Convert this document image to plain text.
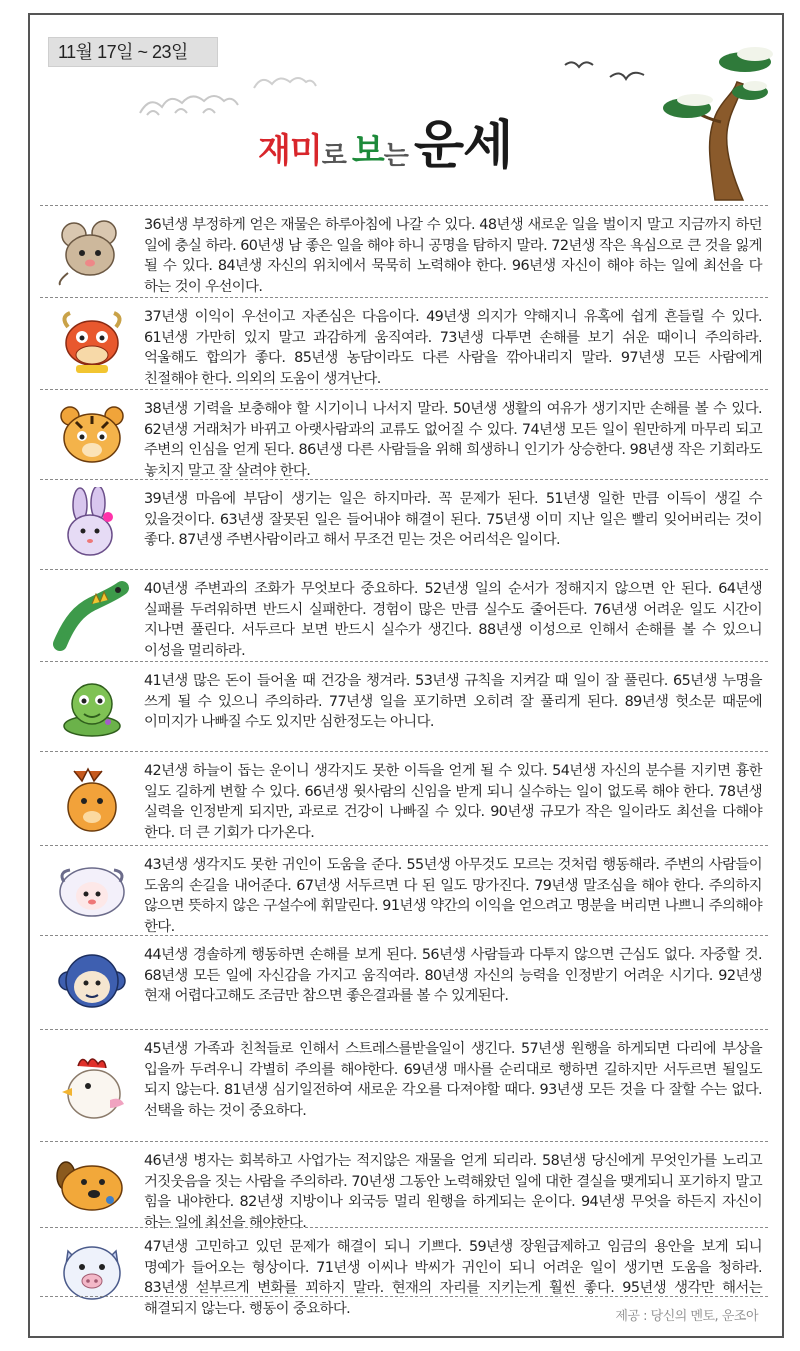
11월 17일 ~ 23일
재미 로 보 는 운세
36년생 부정하게 얻은 재물은 하루아침에 나갈 수 있다. 48년생 새로운 일을 벌이지 말고 지금까지 하던 일에 충실 하라. 60년생 남 좋은 일을 해야 하니 공명을 탐하지 말라. 72년생 작은 욕심으로 큰 것을 잃게 될 수 있다. 84년생 자신의 위치에서 묵묵히 노력해야 한다. 96년생 자신이 해야 하는 일에 최선을 다 하는 것이 우선이다.
37년생 이익이 우선이고 자존심은 다음이다. 49년생 의지가 약해지니 유혹에 쉽게 흔들릴 수 있다. 61년생 가만히 있지 말고 과감하게 움직여라. 73년생 다투면 손해를 보기 쉬운 때이니 주의하라. 억울해도 합의가 좋다. 85년생 농담이라도 다른 사람을 깎아내리지 말라. 97년생 모든 사람에게 친절해야 한다. 의외의 도움이 생겨난다.
38년생 기력을 보충해야 할 시기이니 나서지 말라. 50년생 생활의 여유가 생기지만 손해를 볼 수 있다. 62년생 거래처가 바뀌고 아랫사람과의 교류도 없어질 수 있다. 74년생 모든 일이 원만하게 마무리 되고 주변의 인심을 얻게 된다. 86년생 다른 사람들을 위해 희생하니 인기가 상승한다. 98년생 작은 기회라도 놓치지 말고 잘 살려야 한다.
39년생 마음에 부담이 생기는 일은 하지마라. 꼭 문제가 된다. 51년생 일한 만큼 이득이 생길 수 있을것이다. 63년생 잘못된 일은 들어내야 해결이 된다. 75년생 이미 지난 일은 빨리 잊어버리는 것이 좋다. 87년생 주변사람이라고 해서 무조건 믿는 것은 어리석은 일이다.
40년생 주변과의 조화가 무엇보다 중요하다. 52년생 일의 순서가 정해지지 않으면 안 된다. 64년생 실패를 두려워하면 반드시 실패한다. 경험이 많은 만큼 실수도 줄어든다. 76년생 어려운 일도 시간이 지나면 풀린다. 서두르다 보면 반드시 실수가 생긴다. 88년생 이성으로 인해서 손해를 볼 수 있으니 이성을 멀리하라.
41년생 많은 돈이 들어올 때 건강을 챙겨라. 53년생 규칙을 지켜갈 때 일이 잘 풀린다. 65년생 누명을 쓰게 될 수 있으니 주의하라. 77년생 일을 포기하면 오히려 잘 풀리게 된다. 89년생 헛소문 때문에 이미지가 나빠질 수도 있지만 심한정도는 아니다.
42년생 하늘이 돕는 운이니 생각지도 못한 이득을 얻게 될 수 있다. 54년생 자신의 분수를 지키면 흉한 일도 길하게 변할 수 있다. 66년생 윗사람의 신임을 받게 되니 실수하는 일이 없도록 해야 한다. 78년생 실력을 인정받게 되지만, 과로로 건강이 나빠질 수 있다. 90년생 규모가 작은 일이라도 최선을 다해야 한다. 더 큰 기회가 다가온다.
43년생 생각지도 못한 귀인이 도움을 준다. 55년생 아무것도 모르는 것처럼 행동해라. 주변의 사람들이 도움의 손길을 내어준다. 67년생 서두르면 다 된 일도 망가진다. 79년생 말조심을 해야 한다. 주의하지 않으면 뜻하지 않은 구설수에 휘말린다. 91년생 약간의 이익을 얻으려고 명분을 버리면 나쁘니 주의해야 한다.
44년생 경솔하게 행동하면 손해를 보게 된다. 56년생 사람들과 다투지 않으면 근심도 없다. 자중할 것. 68년생 모든 일에 자신감을 가지고 움직여라. 80년생 자신의 능력을 인정받기 어려운 시기다. 92년생 현재 어렵다고해도 조금만 참으면 좋은결과를 볼 수 있게된다.
45년생 가족과 친척들로 인해서 스트레스를받을일이 생긴다. 57년생 원행을 하게되면 다리에 부상을 입을까 두려우니 각별히 주의를 해야한다. 69년생 매사를 순리대로 행하면 길하지만 서두르면 될일도 되지 않는다. 81년생 심기일전하여 새로운 각오를 다져야할 때다. 93년생 모든 것을 다 잘할 수는 없다. 선택을 하는 것이 중요하다.
46년생 병자는 회복하고 사업가는 적지않은 재물을 얻게 되리라. 58년생 당신에게 무엇인가를 노리고 거짓웃음을 짓는 사람을 주의하라. 70년생 그동안 노력해왔던 일에 대한 결실을 맺게되니 포기하지 말고 힘을 내야한다. 82년생 지방이나 외국등 멀리 원행을 하게되는 운이다. 94년생 무엇을 하든지 자신이 하는 일에 최선을 해야한다.
47년생 고민하고 있던 문제가 해결이 되니 기쁘다. 59년생 장원급제하고 임금의 용안을 보게 되니 명예가 들어오는 형상이다. 71년생 이씨나 박씨가 귀인이 되니 어려운 일이 생기면 도움을 청하라. 83년생 섣부르게 변화를 꾀하지 말라. 현재의 자리를 지키는게 훨씬 좋다. 95년생 생각만 해서는 해결되지 않는다. 행동이 중요하다.	제공 : 당신의 멘토, 운조아
